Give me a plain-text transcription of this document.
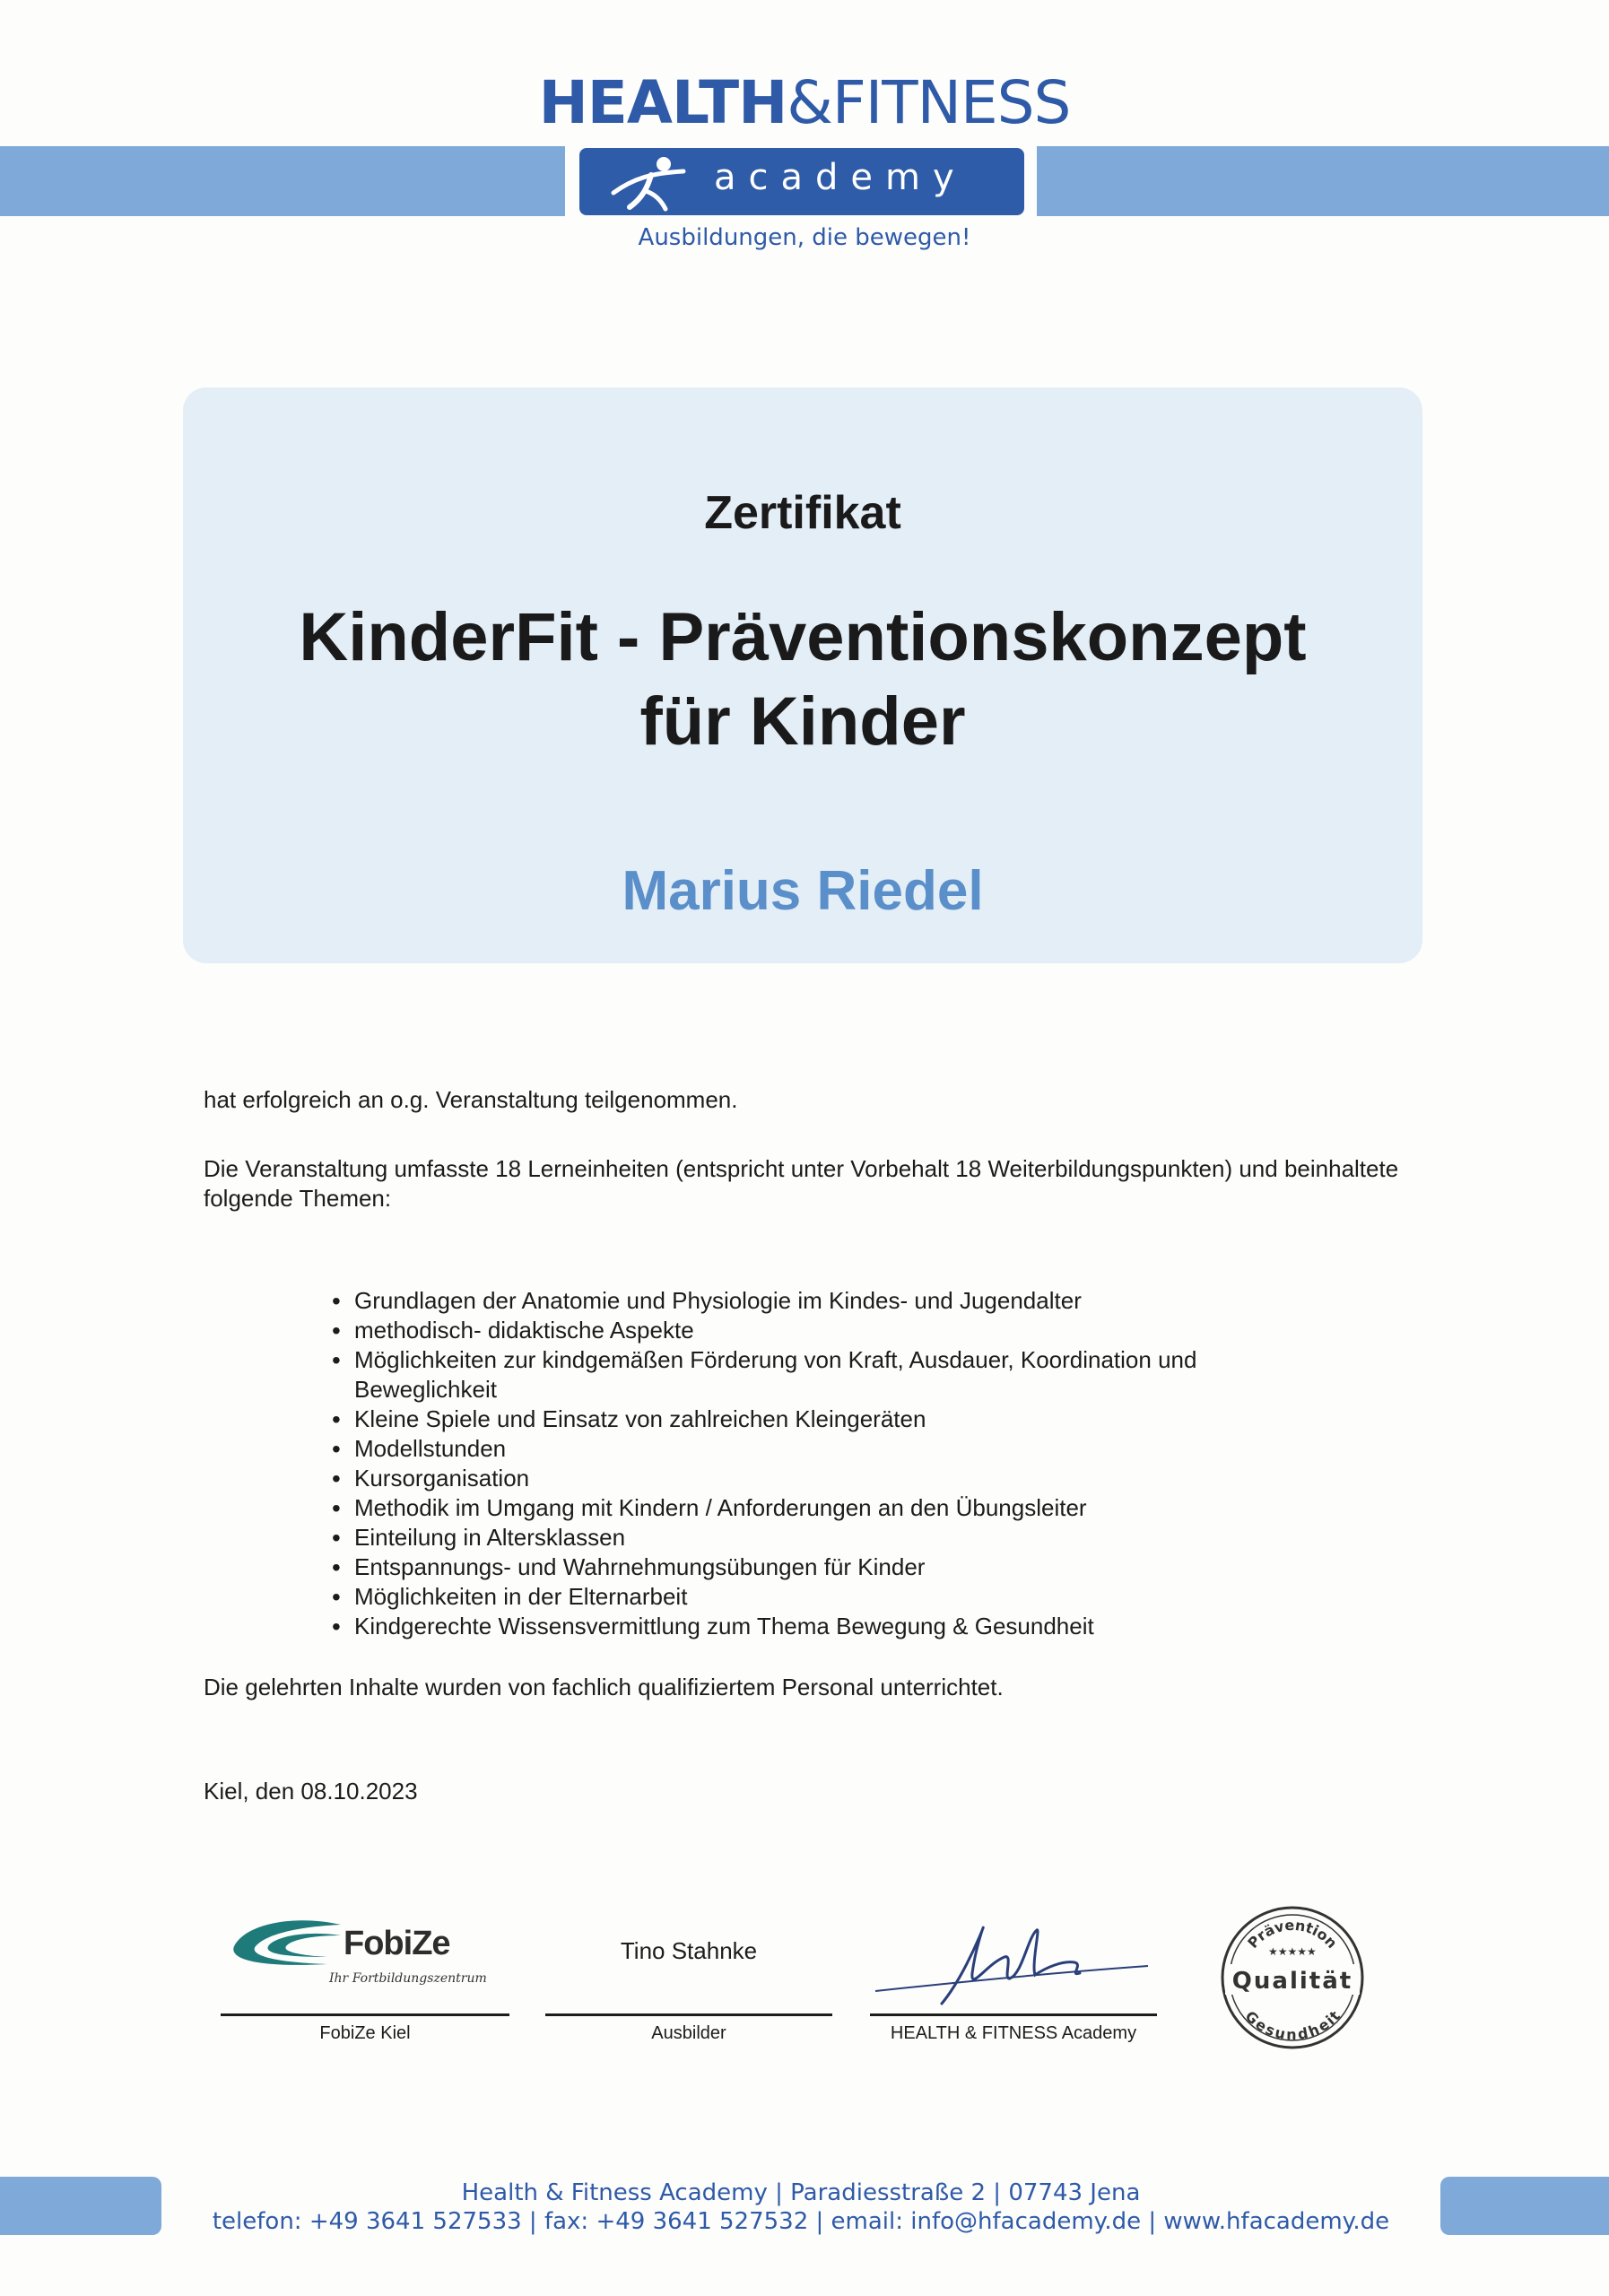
HEALTH&FITNESS
academy
Ausbildungen, die bewegen!
Zertifikat
KinderFit - Präventionskonzept
für Kinder
Marius Riedel
hat erfolgreich an o.g. Veranstaltung teilgenommen.
Die Veranstaltung umfasste 18 Lerneinheiten (entspricht unter Vorbehalt 18 Weiterbildungspunkten) und beinhaltete folgende Themen:
• Grundlagen der Anatomie und Physiologie im Kindes- und Jugendalter
• methodisch- didaktische Aspekte
• Möglichkeiten zur kindgemäßen Förderung von Kraft, Ausdauer, Koordination und Beweglichkeit
• Kleine Spiele und Einsatz von zahlreichen Kleingeräten
• Modellstunden
• Kursorganisation
• Methodik im Umgang mit Kindern / Anforderungen an den Übungsleiter
• Einteilung in Altersklassen
• Entspannungs- und Wahrnehmungsübungen für Kinder
• Möglichkeiten in der Elternarbeit
• Kindgerechte Wissensvermittlung zum Thema Bewegung & Gesundheit
Die gelehrten Inhalte wurden von fachlich qualifiziertem Personal unterrichtet.
Kiel, den 08.10.2023
FobiZe
Ihr Fortbildungszentrum
Tino Stahnke
FobiZe Kiel	Ausbilder	HEALTH & FITNESS Academy
Prävention
★★★★★
Qualität
Gesundheit
Health & Fitness Academy | Paradiesstraße 2 | 07743 Jena
telefon: +49 3641 527533 | fax: +49 3641 527532 | email: info@hfacademy.de | www.hfacademy.de
